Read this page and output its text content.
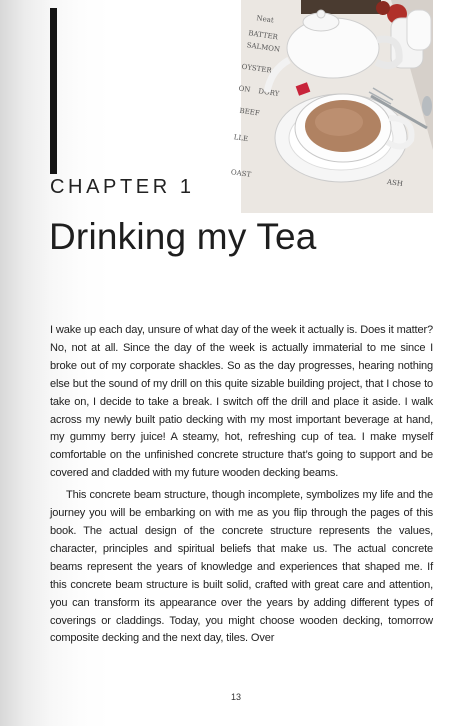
Neat
BATTER
SALMON
OYSTER
ON DORY
BEEF
LLE
ASH
OAST
CHAPTER 1
Drinking my Tea

I wake up each day, unsure of what day of the week it actually is. Does it matter? No, not at all. Since the day of the week is actually immaterial to me since I broke out of my corporate shackles. So as the day progresses, hearing nothing else but the sound of my drill on this quite sizable building project, that I chose to take on, I decide to take a break. I switch off the drill and place it aside. I walk across my newly built patio decking with my most important beverage at hand, my gummy berry juice! A steamy, hot, refreshing cup of tea. I make myself comfortable on the unfinished concrete structure that’s going to support and be covered and cladded with my future wooden decking beams.

This concrete beam structure, though incomplete, symbolizes my life and the journey you will be embarking on with me as you flip through the pages of this book. The actual design of the concrete structure represents the values, character, principles and spiritual beliefs that make us. The actual concrete beams represent the years of knowledge and experiences that shaped me. If this concrete beam structure is built solid, crafted with great care and attention, you can transform its appearance over the years by adding different types of coverings or claddings. Today, you might choose wooden decking, tomorrow composite decking and the next day, tiles. Over

13
